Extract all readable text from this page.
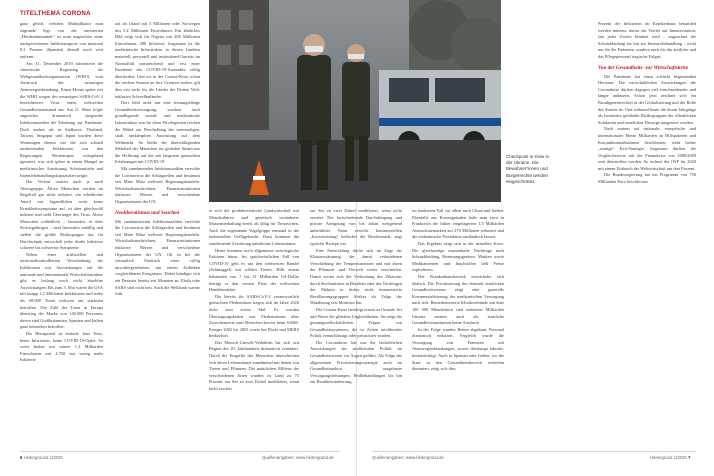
TITELTHEMA CORONA

ganz gleich, welchen Multiplikator man zugrunde legt, von der anvisierten „Herdenimmunität“ ist man ungeachtet einer nachgewiesenen Infektionsquote von maximal 9,3 Prozent (Spanien) überall noch weit entfernt.

Am 31. Dezember 2019 informierte die chinesische Regierung die Weltgesundheitsorganisation (WHO) vom Ausbruch der neuartigen Atemwegserkrankung. Einen Monat später rief die WHO wegen des neuartigen SARS-CoV-2 bezeichneten Virus einen weltweiten Gesundheitsnotstand aus. Am 11. März folgte angesichts dramatisch steigender Infektionszahlen die Erhebung zur Pandemie. Doch anders als in Südkorea, Thailand, Taiwan, Singapur und Japan wurden diese Warnungen ebenso wie die sich schnell ausbreitenden Infektionen von den Regierungen Westeuropas weitgehend ignoriert, was sich später in einem Mangel an medizinischer Ausrüstung, Schutzmitteln und Intensivbehandlungskapazitäten zeigte.

Der Verlauf variiert auch je nach Altersgruppe. Ältere Menschen werden im Regelfall gar nicht infiziert, ein erheblicher Anteil von Jugendlichen weist keine Krankheitssymptome auf, ist aber gleichwohl infiziert und stellt Überträger des Virus. Ältere Menschen schließlich – besonders in über Sechzigjährigen – sind besonders anfällig und stellen die größte Risikogruppe dar. Im Durchschnitt entwickelt jeder fünfte Infizierte schwere bis schwerste Symptome.

Neben einer artifiziellen und territorialkontrollierten Verschiebung der Infektionen mit Auswirkungen auf die nationale und internationale Wirtschaftsstruktur gibt es bislang noch nicht absehbar Auswirkungen: Bis zum 5. Mai waren die USA mit knapp 1,2 Millionen Infektionen und mehr als 68.000 Toten weltweit am stärksten betroffen. Die Zahl der Toten in Europa überstieg die Marke von 140.000 Personen, davon sind Großbritannien, Spanien und Italien ganz besonders betroffen.

Die Heinsprotal ist einfach: Jene Tests, keine Infizierten, keine COVID-19-Opfer. So weist Indien mit seinen 1,3 Milliarden Einwohnern mit 4.700 nur wenig mehr Infizierte

auf als Irland mit 5 Millionen oder Norwegen mit 5,4 Millionen Einwohnern. Ein ähnliches Bild zeigt sich für Nigeria mit 206 Millionen Einwohnern, 280 Infizierte. Insgesamt ist die medizinische Infrastruktur in diesen Ländern materiell, personell und institutionell bereits im Normalfall unzureichend und erst einer Pandemie des COVID-19-Ausmaßes völlig überfordert. Und wo in der Corona-Krise schon die reichen Staaten an ihre Grenzen stoßen, gilt dies erst recht für die Länder der Dritten Welt, inklusive Schwellenländer.

Dort fehlt nicht nur eine leistungsfähige Gesundheitsversorgung, sondern auch grundlegende soziale und medizinische Infrastruktur: nur für diese Privilegierten reichen die Mittel zur Beschaffung der notwendigen, stark umkämpften Ausrüstung auf dem Weltmarkt. So bleibt der überwältigenden Mehrheit der Menschen im globalen Süden nur die Hoffnung auf die seit längerem gemachten Erfahrungen mit COVID-19.

Mit zunehmenden Infektionszahlen erreichte die Coronavirus die Schlagzeilen und bestimmt seit Mitte März weltweit Regierungshandeln. Wirtschaftsnachrichten, Finanzinstitutionen inklusive Börsen und verschiedene Organisationen der UN.

Neoliberalismus und Seuchen

Mit randomisierten Infektionszahlen erreichte die Coronavirus die Schlagzeilen und bestimmt seit Mitte März weltweit Regierungshandeln. Wirtschaftsnachrichten, Finanzinstitutionen inklusive Börsen und verschiedene Organisationen der UN. Oft ist bei der vermutlich Eindruck eines völlig unvorhergesehenen, mit einem Erdbeben vergleichbaren Ereignisses. Dabei kündigte sich ein Desaster bereits seit Monaten an. Ebola oder SARS sind nicht neu. Auch die Weltbank warnte früh.

te sich die produktivistische Landwirtschaft mit Monokulturen und genetisch veränderter Massentierhaltung bereit als fähig für Tierseuchen. Auch die sogenannte Vogelgrippe entstand in der industriellen Geflügelzucht. Dazu kommen die zunehmende Zerstörung natürlicher Lebensräume.

Heute kommen noch allgemeine soziologische Faktoren hinzu. Im sprichwörtlichen Fall von COVID-19 geht es um den weltweiten Handel (Schmuggel) mit wilden Tieren. Hilft einem bekannten von 7 bis 21 Milliarden US-Dollar beträgt er den vierten Platz der weltweiten Handelsmärkte.

Die bereits für SARS-CoV-2 verantwortlich gemachten Fledermäuse tragen sich im Jahre 2020 nicht zum ersten Mal: Es wurden Übertragungsketten von Fledermäusen über Zwischenwirte zum Menschen bereits beim SARS-Erreger 2002 bis 2003 sowie bei Ebola und MERS beobachtet.

Das Mensch-Umwelt-Verhältnis hat sich seit Beginn des 20. Jahrhunderts dramatisch verändert. Durch die Eingriffe des Menschen überschreiten sich deren Lebensräume zunehmend mit denen von Tieren und Pflanzen. Die natürlichen Milieus der verschiedenen Arten wurden zu Land zu 75 Prozent, zur See zu zwei Drittel modifiziert, wenn nicht zerstört.

Checkpoint in Kiew in der Ukraine. Die Bewohner*innen und Bürgerrechte werden eingeschränkt.

zur See zu zwei Drittel modifiziert, wenn nicht zerstört. Die fortschreitende Durchdringung und private Aneignung von bis dahin weitgehend unberührter Natur erweckt kommerziellen „Inwertsetzung“ befördert die Biodiversität, engt typische Biotope ein.

Eine Entwicklung dürfte sich im Zuge der Klimaerwärmung, der damit verbundenen Verschiebung der Temperaturzonen und mit ihnen der Pflanzen- und Tierwelt weiter verschärfen. Damit weitet sich die Verbreitung des Zikavirus durch Stechmücken in Brasilien oder das Vordringen der Malaria in bisher nicht immunisierte Bevölkerungsgruppen Afrikas als Folge der Wanderung von Moskitos hin.

Die Corona-Krise bestätigt erneut auf brutale Art und Weise die globalen Ungleichheiten. Sie zeigt die gesamtgesellschaftlichen Folgen von Gesundheitssystemen, die in Zeiten neoliberaler Politik vernachlässigt oder privatisiert wurden.

Die Coronakrise hat uns die bedrohlichen Auswirkungen der neoliberalen Politik im Gesundheitswesen vor Augen geführt. Als Folge der allgemeinen Privatisierungsstrategie auch im Gesundheitssektor ausgebaute Versorgungsleistungen, Heilbehandlungen bis hin zur Renditeorientierung.

im konkreten Fall vor allem nach China und Indien. Ebenfalls aus Kostengründen halte man etwa in Frankreich die früher eingelagerten 1,5 Milliarden Atemschutzmasken auf 270 Millionen reduziert und die einheimische Produktion ausländisch lassen.

Das Ergebnis zeigt sich in der aktuellen Krise: Die gleichzeitige massenhafte Nachfrage nach Schutzkleidung, Beatmungsgeräten, Masken sowie Medikamenten und Impfstoffen ließ Preise explodieren.

Der Krankenhausbereich entwickelte sich ähnlich. Die Privatisierung des ehemals staatlichen Gesundheitswesens zeigt eine generelle Kommerzialisierung der medizinischen Versorgung nach sich. Bemerkenswerte Klinikverbünde mit über 100 000 Mitarbeitern sind mehreren Milliarden Umsatz setzten auch als staatliche Gesundheitsinstitution keine Ausdruck.

In der Folge wurden Betten abgebaut, Personal dramatisch reduziert. Vergleich wurde die Versorgung von Patienten mit Atemwegserkrankungen, soweit überhaupt lukrativ, beeinträchtigt. Auch in Spanien oder Italien, wo der Staat in den Gesundheitsbereich weiterhin dominiert, zeigt sich dies.

Prozent der Infizierten im Krankenhaus behandelt werden müssen, davon ein Viertel auf Intensivstation, fast jeder Zweite beatmet wird – ungeachtet der Schutzkleidung bis hin zur Intensivbehandlung – nicht nur für die Patienten, sondern auch für das ärztliche und das Pflegepersonal tragische Folgen.

Von der Gesundheits- zur Wirtschaftskrise

Die Pandemie hat einen schlicht beginnenden Horizont. Die wirtschaftlichen Auswirkungen der Coronakrise dürften dagegen viel einschneidender und länger andauern. Schon jetzt zeichnet sich ein Paradigmenwechsel in der Globalisierung und der Rolle des Staates ab. Und während heute die ihrem Jahrgänge als besonders gefährdet Risikogruppen der öffentlichen Solidarität und staatlichen Fürsorge ausgesetzt werden.

Nach seinem auf nationale, europäische und internationaler Ebene Milliarden an Hilfspaketen und Konjunkturmaßnahmen beschlossen, steht bisher „wenige“ Exit-Strategie. Insgesamt dürften die Vergleichswerte mit der Finanzkrise von 2008/2009 weit übertroffen werden. So rechnet der IWF für 2020 mit einem Einbruch der Weltwirtschaft um drei Prozent.

Die Bundesregierung hat ein Programm von 750 Milliarden Euro beschlossen.

6 Hinterground 1/2020	Quellenangaben: www.hintergrund.de	Quellenangaben: www.hintergrund.de	Hintergrund 1/2020 7
